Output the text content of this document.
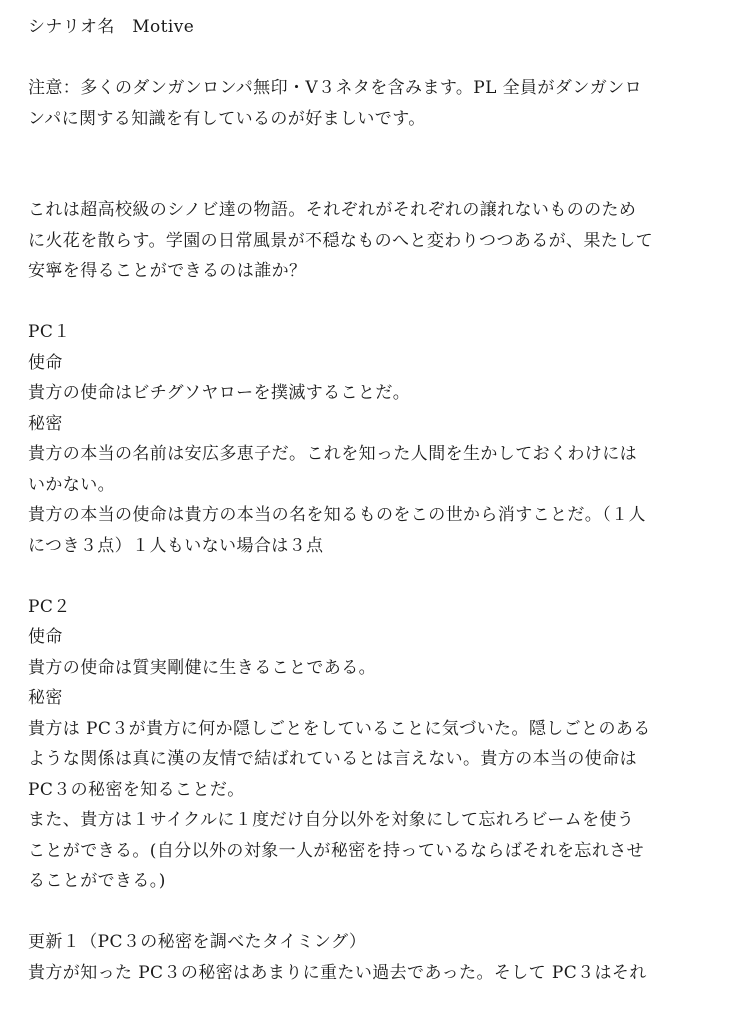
シナリオ名　Motive
注意：多くのダンガンロンパ無印・V３ネタを含みます。PL 全員がダンガンロ
ンパに関する知識を有しているのが好ましいです。
これは超高校級のシノビ達の物語。それぞれがそれぞれの譲れないもののため
に火花を散らす。学園の日常風景が不穏なものへと変わりつつあるが、果たして
安寧を得ることができるのは誰か？
PC１
使命
貴方の使命はビチグソヤローを撲滅することだ。
秘密
貴方の本当の名前は安広多恵子だ。これを知った人間を生かしておくわけには
いかない。
貴方の本当の使命は貴方の本当の名を知るものをこの世から消すことだ。（１人
につき３点）１人もいない場合は３点
PC２
使命
貴方の使命は質実剛健に生きることである。
秘密
貴方は PC３が貴方に何か隠しごとをしていることに気づいた。隠しごとのある
ような関係は真に漢の友情で結ばれているとは言えない。貴方の本当の使命は
PC３の秘密を知ることだ。
また、貴方は１サイクルに１度だけ自分以外を対象にして忘れろビームを使う
ことができる。(自分以外の対象一人が秘密を持っているならばそれを忘れさせ
ることができる。)
更新１（PC３の秘密を調べたタイミング）
貴方が知った PC３の秘密はあまりに重たい過去であった。そして PC３はそれ
